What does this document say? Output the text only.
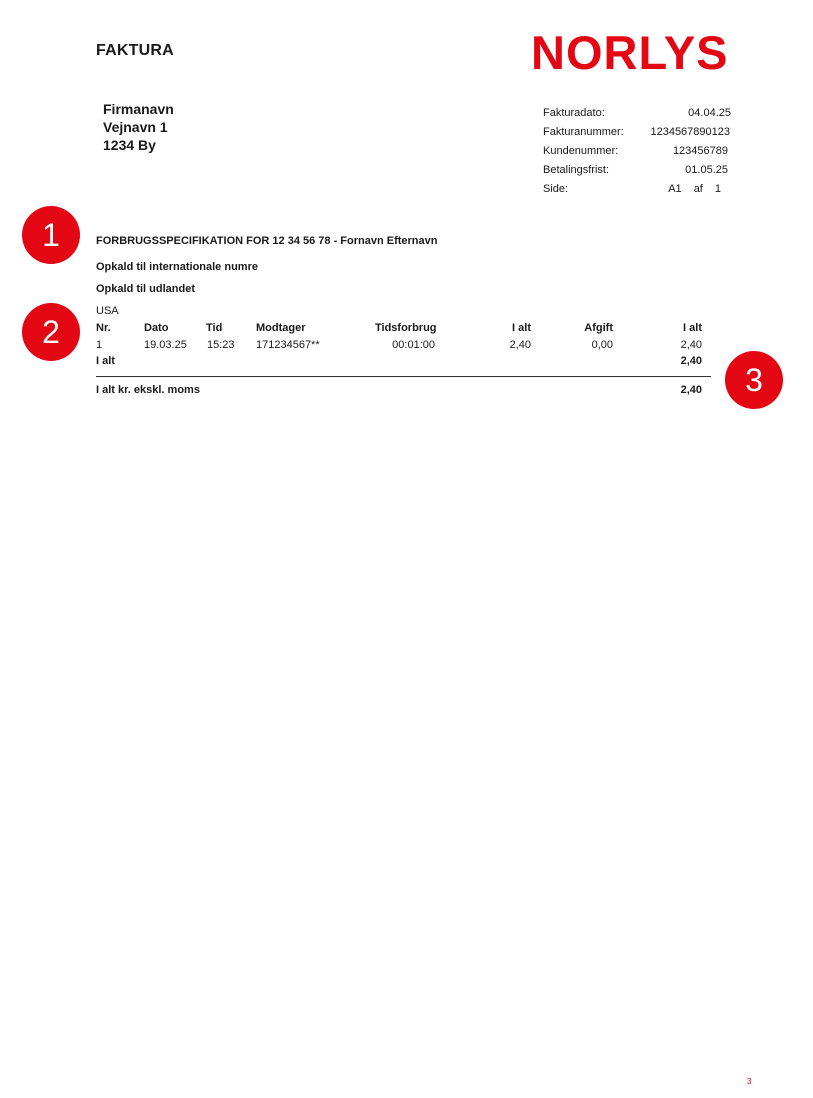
FAKTURA	NORLYS
Firmanavn
Vejnavn 1
1234 By
Fakturadato:	04.04.25
Fakturanummer: 1234567890123
Kundenummer:	123456789
Betalingsfrist:	01.05.25
Side:	A1 af 1
1
2
3
FORBRUGSSPECIFIKATION FOR 12 34 56 78 - Fornavn Efternavn
Opkald til internationale numre
Opkald til udlandet
USA
Nr.	Dato	Tid	Modtager	Tidsforbrug	I alt	Afgift	I alt
1	19.03.25 15:23 171234567**	00:01:00	2,40	0,00	2,40
I alt	2,40
I alt kr. ekskl. moms	2,40
3
